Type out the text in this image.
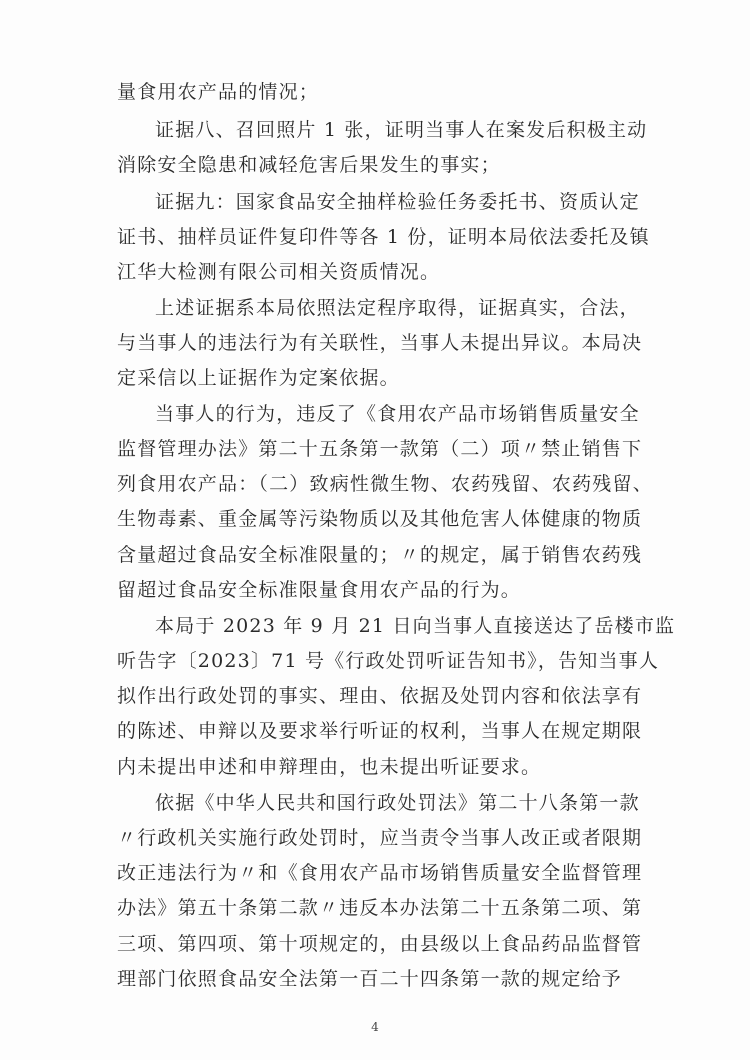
量食用农产品的情况；
证据八、召回照片 1 张，证明当事人在案发后积极主动
消除安全隐患和减轻危害后果发生的事实；
证据九：国家食品安全抽样检验任务委托书、资质认定
证书、抽样员证件复印件等各 1 份，证明本局依法委托及镇
江华大检测有限公司相关资质情况。
上述证据系本局依照法定程序取得，证据真实，合法，
与当事人的违法行为有关联性，当事人未提出异议。本局决
定采信以上证据作为定案依据。
当事人的行为，违反了《食用农产品市场销售质量安全
监督管理办法》第二十五条第一款第（二）项〃禁止销售下
列食用农产品：（二）致病性微生物、农药残留、农药残留、
生物毒素、重金属等污染物质以及其他危害人体健康的物质
含量超过食品安全标准限量的；〃的规定，属于销售农药残
留超过食品安全标准限量食用农产品的行为。
本局于 2023 年 9 月 21 日向当事人直接送达了岳楼市监
听告字〔2023〕71 号《行政处罚听证告知书》，告知当事人
拟作出行政处罚的事实、理由、依据及处罚内容和依法享有
的陈述、申辩以及要求举行听证的权利，当事人在规定期限
内未提出申述和申辩理由，也未提出听证要求。
依据《中华人民共和国行政处罚法》第二十八条第一款
〃行政机关实施行政处罚时，应当责令当事人改正或者限期
改正违法行为〃和《食用农产品市场销售质量安全监督管理
办法》第五十条第二款〃违反本办法第二十五条第二项、第
三项、第四项、第十项规定的，由县级以上食品药品监督管
理部门依照食品安全法第一百二十四条第一款的规定给予
4
